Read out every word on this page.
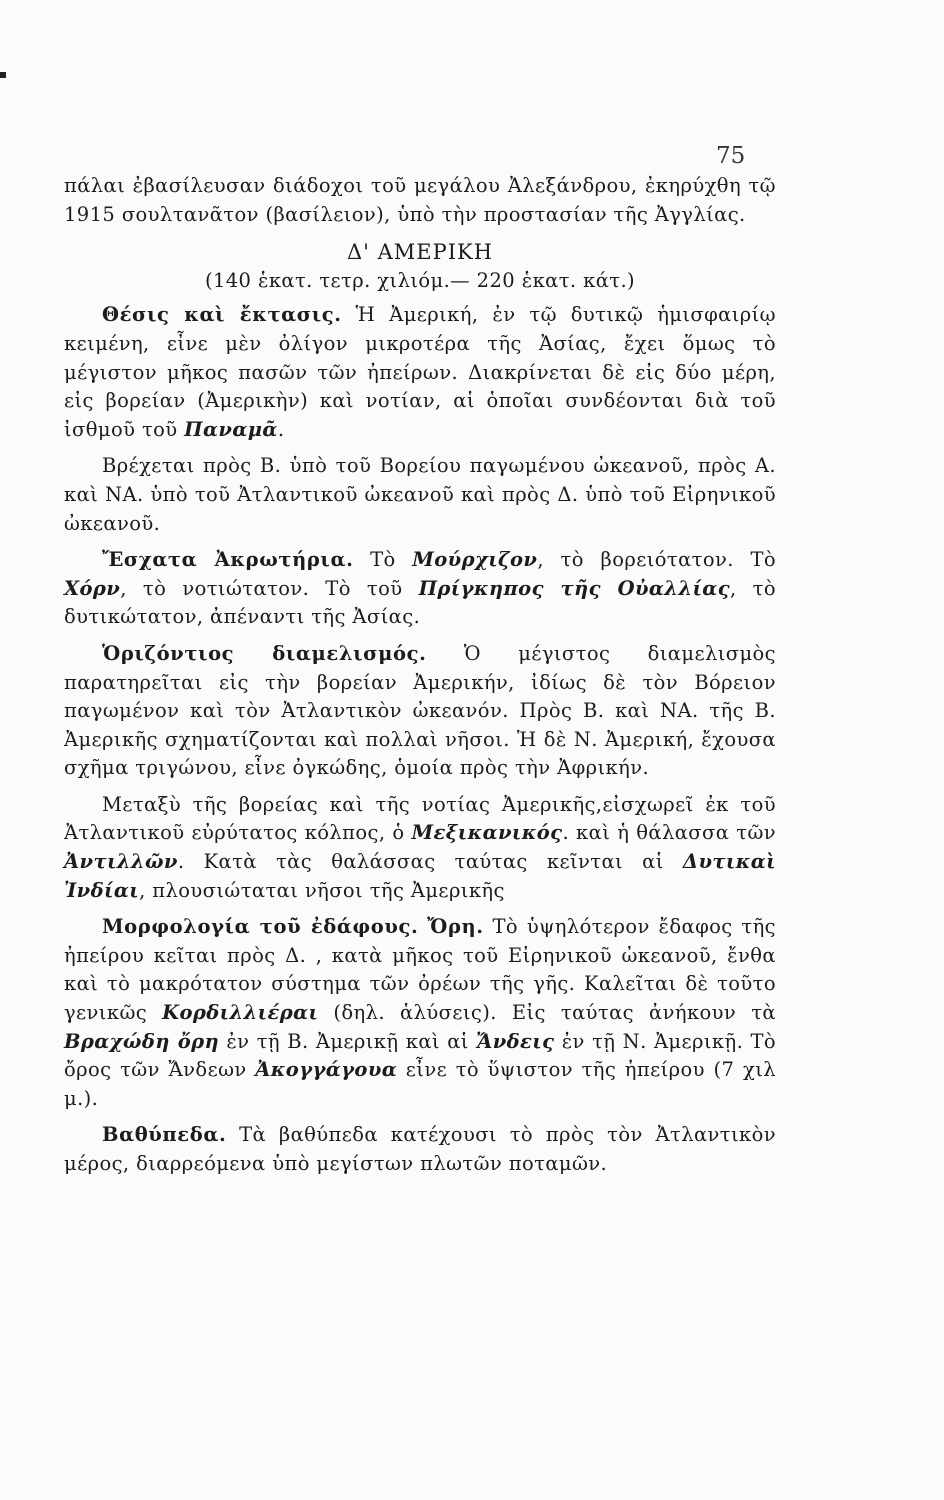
75

πάλαι ἐβασίλευσαν διάδοχοι τοῦ μεγάλου Ἀλεξάνδρου, ἐκηρύχθη τῷ 1915 σουλτανᾶτον (βασίλειον), ὑπὸ τὴν προστασίαν τῆς Ἀγγλίας.

Δ' ΑΜΕΡΙΚΗ

(140 ἑκατ. τετρ. χιλιόμ.— 220 ἑκατ. κάτ.)

Θέσις καὶ ἔκτασις. Ἡ Ἀμερική, ἐν τῷ δυτικῷ ἡμισφαιρίῳ κειμένη, εἶνε μὲν ὀλίγον μικροτέρα τῆς Ἀσίας, ἔχει ὅμως τὸ μέγιστον μῆκος πασῶν τῶν ἠπείρων. Διακρίνεται δὲ εἰς δύο μέρη, εἰς βορείαν (Ἀμερικὴν) καὶ νοτίαν, αἱ ὁποῖαι συνδέονται διὰ τοῦ ἰσθμοῦ τοῦ Παναμᾶ.

Βρέχεται πρὸς Β. ὑπὸ τοῦ Βορείου παγωμένου ὠκεανοῦ, πρὸς Α. καὶ ΝΑ. ὑπὸ τοῦ Ἀτλαντικοῦ ὠκεανοῦ καὶ πρὸς Δ. ὑπὸ τοῦ Εἰρηνικοῦ ὠκεανοῦ.

Ἔσχατα Ἀκρωτήρια. Τὸ Μούρχιζον, τὸ βορειότατον. Τὸ Χόρν, τὸ νοτιώτατον. Τὸ τοῦ Πρίγκηπος τῆς Οὐαλλίας, τὸ δυτικώτατον, ἀπέναντι τῆς Ἀσίας.

Ὁριζόντιος διαμελισμός. Ὁ μέγιστος διαμελισμὸς παρατηρεῖται εἰς τὴν βορείαν Ἀμερικήν, ἰδίως δὲ τὸν Βόρειον παγωμένον καὶ τὸν Ἀτλαντικὸν ὠκεανόν. Πρὸς Β. καὶ ΝΑ. τῆς Β. Ἀμερικῆς σχηματίζονται καὶ πολλαὶ νῆσοι. Ἡ δὲ Ν. Ἀμερική, ἔχουσα σχῆμα τριγώνου, εἶνε ὀγκώδης, ὁμοία πρὸς τὴν Ἀφρικήν.

Μεταξὺ τῆς βορείας καὶ τῆς νοτίας Ἀμερικῆς,εἰσχωρεῖ ἐκ τοῦ Ἀτλαντικοῦ εὐρύτατος κόλπος, ὁ Μεξικανικός. καὶ ἡ θάλασσα τῶν Ἀντιλλῶν. Κατὰ τὰς θαλάσσας ταύτας κεῖνται αἱ Δυτικαὶ Ἰνδίαι, πλουσιώταται νῆσοι τῆς Ἀμερικῆς

Μορφολογία τοῦ ἐδάφους. Ὄρη. Τὸ ὑψηλότερον ἔδαφος τῆς ἠπείρου κεῖται πρὸς Δ. , κατὰ μῆκος τοῦ Εἰρηνικοῦ ὠκεανοῦ, ἔνθα καὶ τὸ μακρότατον σύστημα τῶν ὀρέων τῆς γῆς. Καλεῖται δὲ τοῦτο γενικῶς Κορδιλλιέραι (δηλ. ἁλύσεις). Εἰς ταύτας ἀνήκουν τὰ Βραχώδη ὄρη ἐν τῇ Β. Ἀμερικῇ καὶ αἱ Ἄνδεις ἐν τῇ Ν. Ἀμερικῇ. Τὸ ὄρος τῶν Ἄνδεων Ἀκογγάγουα εἶνε τὸ ὕψιστον τῆς ἠπείρου (7 χιλ μ.).

Βαθύπεδα. Τὰ βαθύπεδα κατέχουσι τὸ πρὸς τὸν Ἀτλαντικὸν μέρος, διαρρεόμενα ὑπὸ μεγίστων πλωτῶν ποταμῶν.
